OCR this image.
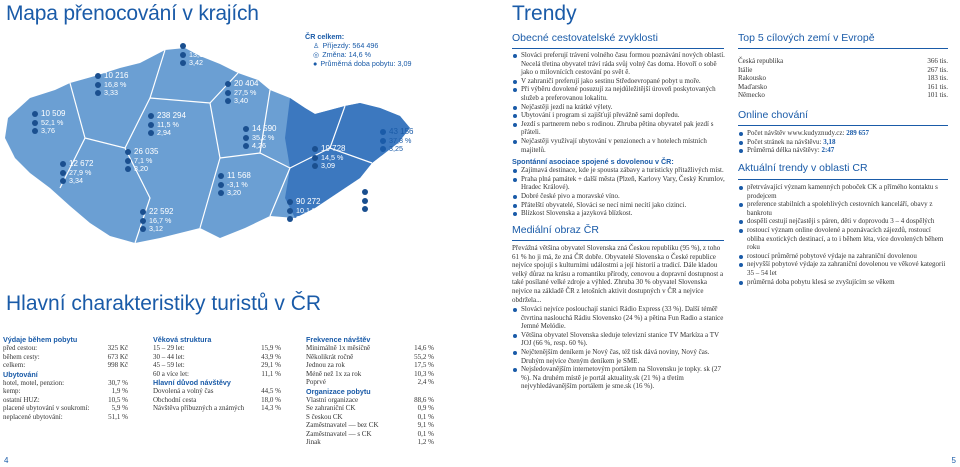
Mapa přenocování v krajích
10 509
52,1 %
3,76
12 672
27,9 %
3,34
10 216
16,8 %
3,33
26 035
7,1 %
3,20
238 294
11,5 %
2,94
22 592
16,7 %
3,12
8 609
13,1 %
3,42
20 404
27,5 %
3,40
14 590
35,2 %
4,26
11 568
-3,1 %
3,20
90 272
10,1 %
2,87
19 728
14,5 %
3,09
43 156
37,8 %
3,25
35 851
9,3 %
3,27
ČR celkem:
♙ Příjezdy: 564 496
◎ Změna: 14,6 %
● Průměrná doba pobytu: 3,09
Hlavní charakteristiky turistů v ČR
Výdaje během pobytu
před cestou:	325 Kč
během cesty:	673 Kč
celkem:	998 Kč
Ubytování
hotel, motel, penzion:	30,7 %
kemp:	1,9 %
ostatní HUZ:	10,5 %
placené ubytování v soukromí:	5,9 %
neplacené ubytování:	51,1 %
Věková struktura
15 – 29 let:	15,9 %
30 – 44 let:	43,9 %
45 – 59 let:	29,1 %
60 a více let:	11,1 %
Hlavní důvod návštěvy
Dovolená a volný čas	44,5 %
Obchodní cesta	18,0 %
Návštěva příbuzných a známých 14,3 %
Frekvence návštěv
Minimálně 1x měsíčně	14,6 %
Několikrát ročně	55,2 %
Jednou za rok	17,5 %
Méně než 1x za rok	10,3 %
Poprvé	2,4 %
Organizace pobytu
Vlastní organizace	88,6 %
Se zahraniční CK	0,9 %
S českou CK	0,1 %
Zaměstnavatel — bez CK	9,1 %
Zaměstnavatel — s CK	0,1 %
Jinak	1,2 %
4
Trendy
Obecné cestovatelské zvyklosti
Slováci preferují trávení volného času formou poznávání nových oblastí. Necelá třetina obyvatel tráví ráda svůj volný čas doma. Hovoří o sobě jako o milovnících cestování po svět ě.
V zahraničí preferují jako sestinu Středoevropané pobyt u moře.
Při výběru dovolené posuzují za nejdůležitější úroveň poskytovaných služeb a preferovanou lokalitu.
Nejčastěji jezdí na krátké výlety.
Ubytování i program si zajišťují převážně sami dopředu.
Jezdí s partnerem nebo s rodinou. Zhruba pětina obyvatel pak jezdí s přáteli.
Nejčastěji využívají ubytování v penzionech a v hotelech místních majitelů.
Spontánní asociace spojené s dovolenou v ČR:
Zajímavá destinace, kde je spousta zábavy a turisticky přitažlivých míst.
Praha plná památek + další města (Plzeň, Karlovy Vary, Český Krumlov, Hradec Králové).
Dobré české pivo a moravské víno.
Přátelští obyvatelé, Slováci se necí nimi necítí jako cizinci.
Blízkost Slovenska a jazyková blízkost.
Mediální obraz ČR
Převážná většina obyvatel Slovenska zná Českou republiku (95 %), z toho 61 % ho ji má, že zná ČR dobře. Obyvatelé Slovenska o České republice nejvíce spojují s kulturními událostmi a její historií a tradicí. Dále kladou velký důraz na krásu a romantiku přírody, cenovou a dopravní dostupnost a také posílané velké zdroje a výhled. Zhruba 30 % obyvatel Slovenska nejvíce na základě ČR z letošních aktivit dostupných v ČR a nejvíce obdržela...
Slováci nejvíce poslouchají stanici Rádio Express (33 %). Další téměř čtvrtina naslouchá Rádiu Slovensko (24 %) a pětina Fun Radio a stanice Jemné Melódie.
Většina obyvatel Slovenska sleduje televizní stanice TV Markíza a TV JOJ (66 %, resp. 60 %).
Nejčtenějším deníkem je Nový čas, též tisk dává noviny, Nový čas. Druhým nejvíce čteným deníkem je SME.
Nejsledovanějším internetovým portálem na Slovensku je topky. sk (27 %). Na druhém místě je portál aktuality.sk (21 %) a třetím nejvyhledávanějším portálem je sme.sk (16 %).
Top 5 cílových zemí v Evropě
Česká republika	366 tis.
Itálie	267 tis.
Rakousko	183 tis.
Maďarsko	161 tis.
Německo	101 tis.
Online chování
Počet návštěv www.kudyznudy.cz: 289 657
Počet stránek na návštěvu: 3,18
Průměrná délka návštěvy: 2:47
Aktuální trendy v oblasti CR
přetrvávající význam kamenných poboček CK a přímého kontaktu s prodejcem
preference stabilních a spolehlivých cestovních kanceláří, obavy z bankrotu
dospělí cestují nejčastěji s páren, děti v doprovodu 3 – 4 dospělých
rostoucí význam online dovolené a poznávacích zájezdů, rostoucí obliba exotických destinací, a to i během léta, více dovolených během roku
rostoucí průměrné pobytové výdaje na zahraniční dovolenou
nejvyšší pobytové výdaje za zahraniční dovolenou ve věkové kategorii 35 – 54 let
průměrná doba pobytu klesá se zvyšujícím se věkem
5
